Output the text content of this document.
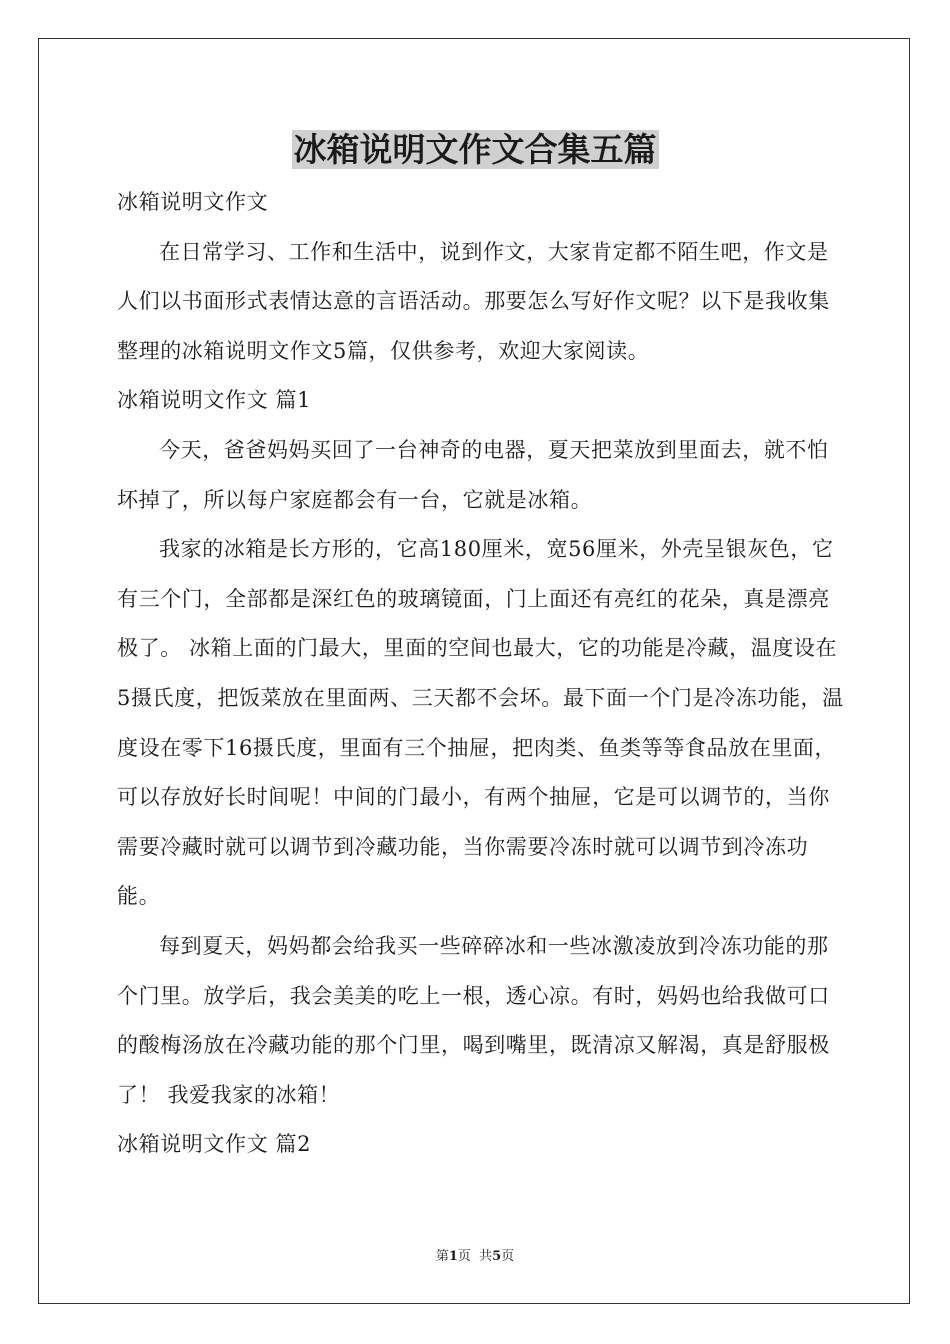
冰箱说明文作文合集五篇

冰箱说明文作文

在日常学习、工作和生活中，说到作文，大家肯定都不陌生吧，作文是人们以书面形式表情达意的言语活动。那要怎么写好作文呢？以下是我收集整理的冰箱说明文作文5篇，仅供参考，欢迎大家阅读。

冰箱说明文作文 篇1

今天，爸爸妈妈买回了一台神奇的电器，夏天把菜放到里面去，就不怕坏掉了，所以每户家庭都会有一台，它就是冰箱。

我家的冰箱是长方形的，它高180厘米，宽56厘米，外壳呈银灰色，它有三个门，全部都是深红色的玻璃镜面，门上面还有亮红的花朵，真是漂亮极了。 冰箱上面的门最大，里面的空间也最大，它的功能是冷藏，温度设在5摄氏度，把饭菜放在里面两、三天都不会坏。最下面一个门是冷冻功能，温度设在零下16摄氏度，里面有三个抽屉，把肉类、鱼类等等食品放在里面，可以存放好长时间呢！中间的门最小，有两个抽屉，它是可以调节的，当你需要冷藏时就可以调节到冷藏功能，当你需要冷冻时就可以调节到冷冻功能。

每到夏天，妈妈都会给我买一些碎碎冰和一些冰激凌放到冷冻功能的那个门里。放学后，我会美美的吃上一根，透心凉。有时，妈妈也给我做可口的酸梅汤放在冷藏功能的那个门里，喝到嘴里，既清凉又解渴，真是舒服极了！ 我爱我家的冰箱！

冰箱说明文作文 篇2

第1页 共5页
